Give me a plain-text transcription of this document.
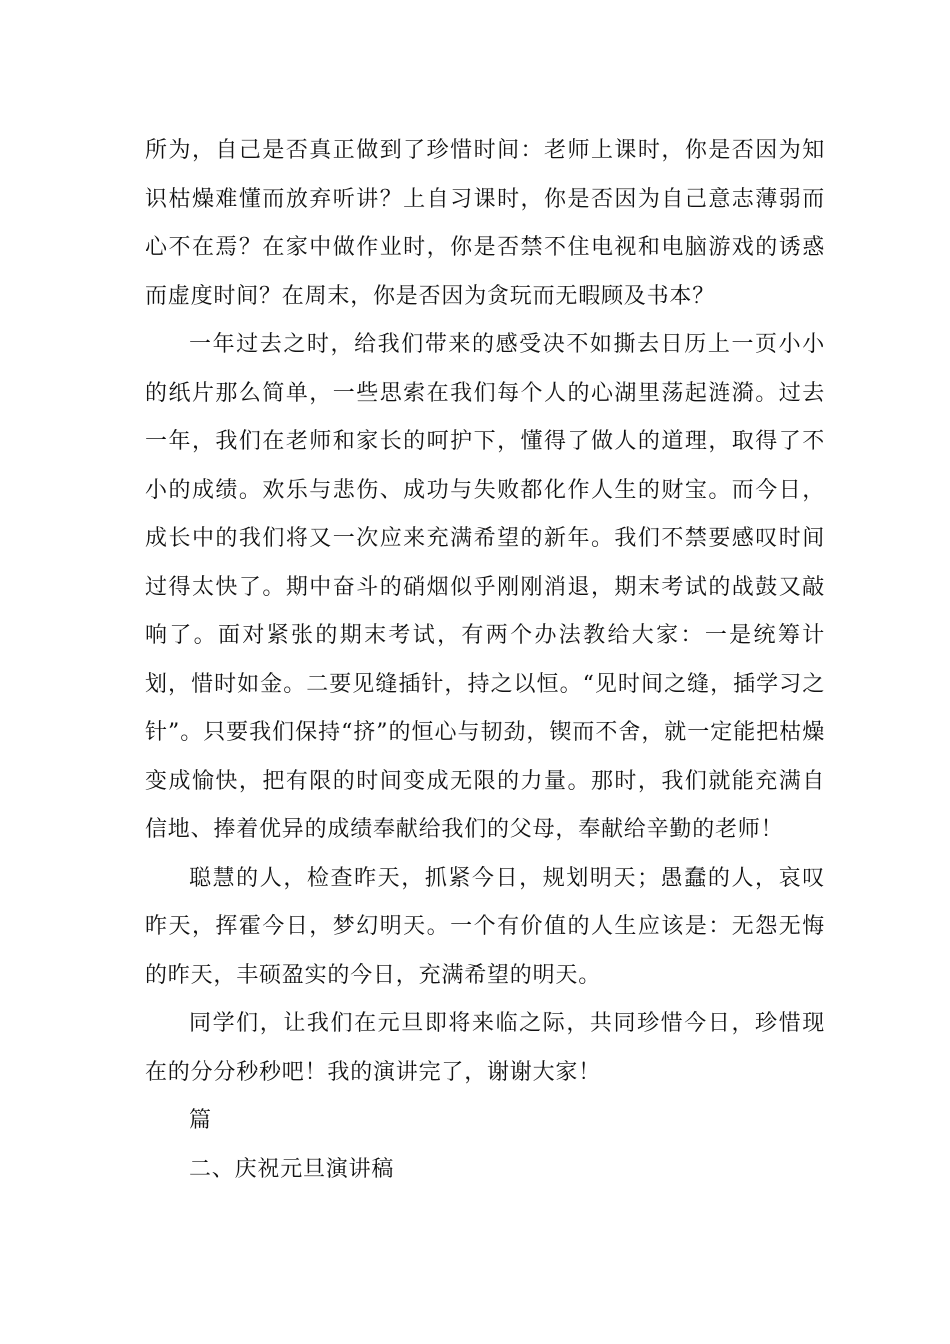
所为，自己是否真正做到了珍惜时间：老师上课时，你是否因为知识枯燥难懂而放弃听讲？上自习课时，你是否因为自己意志薄弱而心不在焉？在家中做作业时，你是否禁不住电视和电脑游戏的诱惑而虚度时间？在周末，你是否因为贪玩而无暇顾及书本？

一年过去之时，给我们带来的感受决不如撕去日历上一页小小的纸片那么简单，一些思索在我们每个人的心湖里荡起涟漪。过去一年，我们在老师和家长的呵护下，懂得了做人的道理，取得了不小的成绩。欢乐与悲伤、成功与失败都化作人生的财宝。而今日，成长中的我们将又一次应来充满希望的新年。我们不禁要感叹时间过得太快了。期中奋斗的硝烟似乎刚刚消退，期末考试的战鼓又敲响了。面对紧张的期末考试，有两个办法教给大家：一是统筹计划，惜时如金。二要见缝插针，持之以恒。“见时间之缝，插学习之针”。只要我们保持“挤”的恒心与韧劲，锲而不舍，就一定能把枯燥变成愉快，把有限的时间变成无限的力量。那时，我们就能充满自信地、捧着优异的成绩奉献给我们的父母，奉献给辛勤的老师！

聪慧的人，检查昨天，抓紧今日，规划明天；愚蠢的人，哀叹昨天，挥霍今日，梦幻明天。一个有价值的人生应该是：无怨无悔的昨天，丰硕盈实的今日，充满希望的明天。

同学们，让我们在元旦即将来临之际，共同珍惜今日，珍惜现在的分分秒秒吧！我的演讲完了，谢谢大家！

篇

二、庆祝元旦演讲稿
